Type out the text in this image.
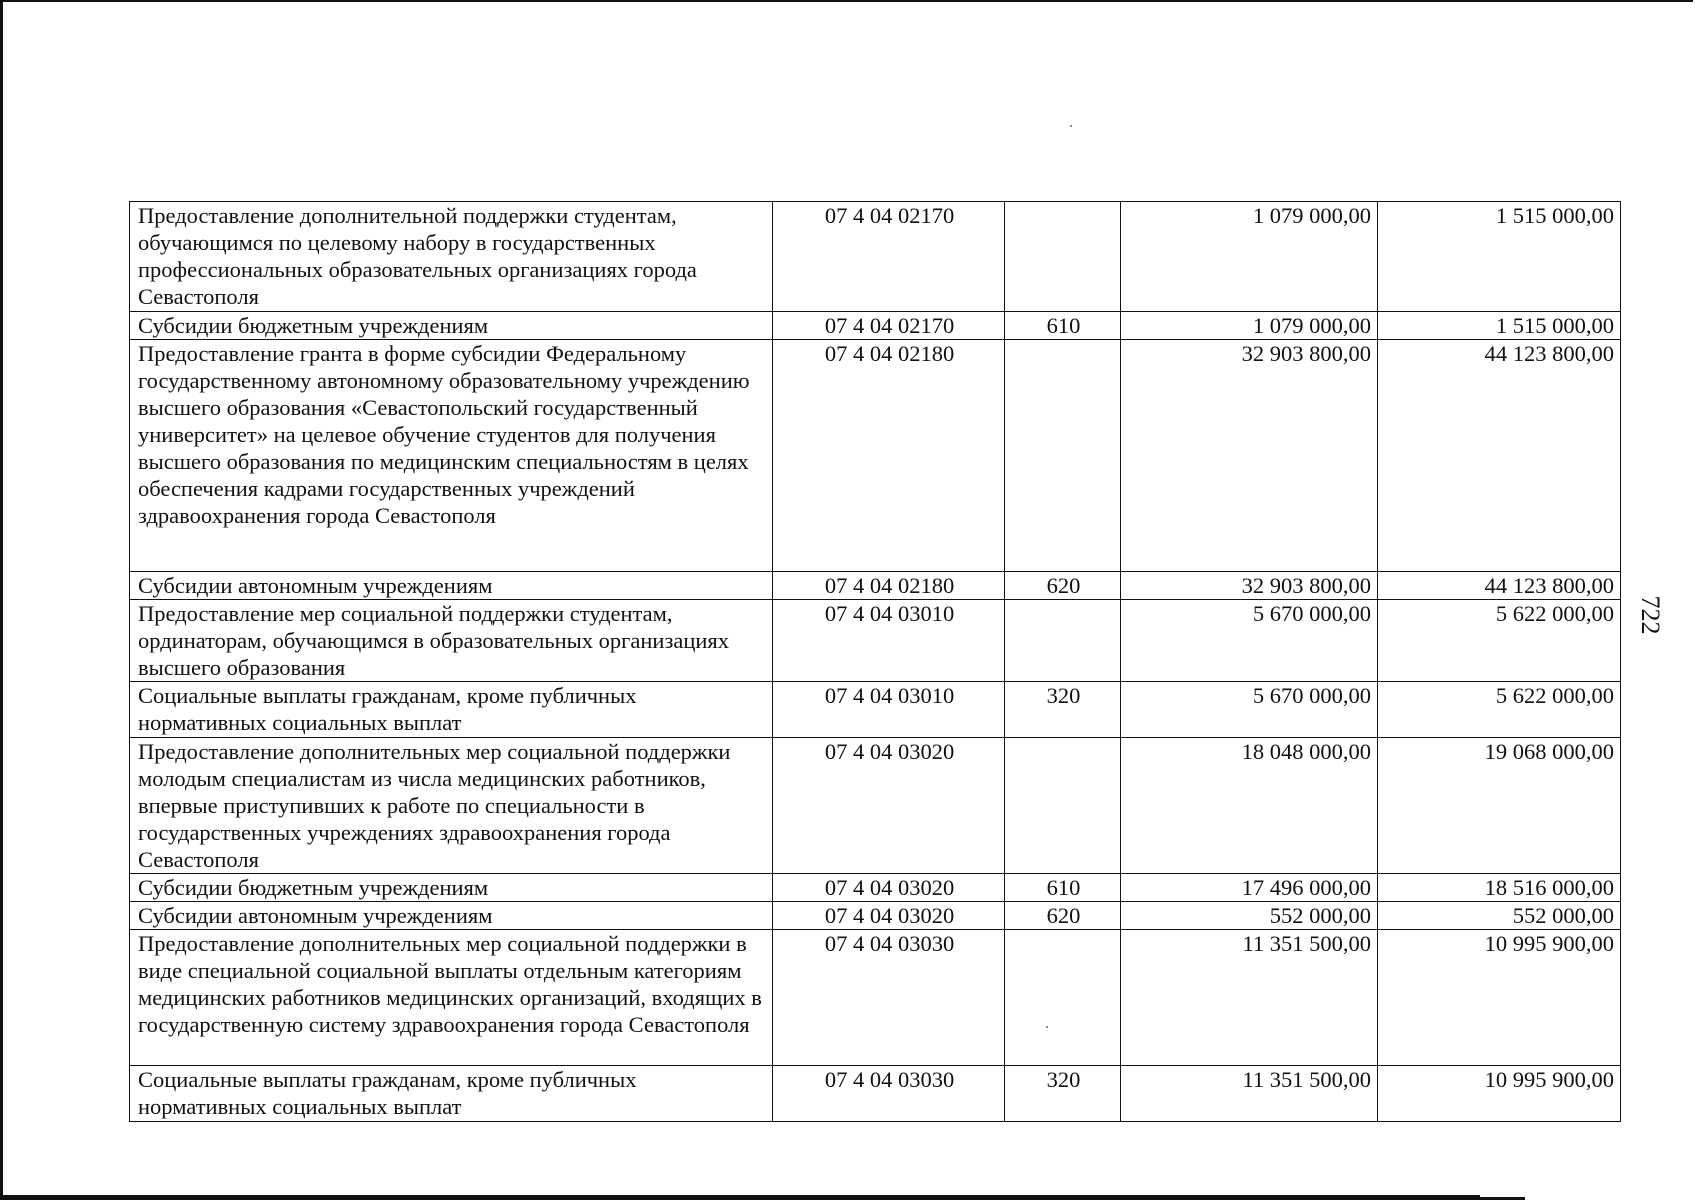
Предоставление дополнительной поддержки студентам, обучающимся по целевому набору в государственных профессиональных образовательных организациях города Севастополя	07 4 04 02170		1 079 000,00	1 515 000,00
Субсидии бюджетным учреждениям	07 4 04 02170	610	1 079 000,00	1 515 000,00
Предоставление гранта в форме субсидии Федеральному государственному автономному образовательному учреждению высшего образования «Севастопольский государственный университет» на целевое обучение студентов для получения высшего образования по медицинским специальностям в целях обеспечения кадрами государственных учреждений здравоохранения города Севастополя	07 4 04 02180		32 903 800,00	44 123 800,00
Субсидии автономным учреждениям	07 4 04 02180	620	32 903 800,00	44 123 800,00
Предоставление мер социальной поддержки студентам, ординаторам, обучающимся в образовательных организациях высшего образования	07 4 04 03010		5 670 000,00	5 622 000,00
Социальные выплаты гражданам, кроме публичных нормативных социальных выплат	07 4 04 03010	320	5 670 000,00	5 622 000,00
Предоставление дополнительных мер социальной поддержки молодым специалистам из числа медицинских работников, впервые приступивших к работе по специальности в государственных учреждениях здравоохранения города Севастополя	07 4 04 03020		18 048 000,00	19 068 000,00
Субсидии бюджетным учреждениям	07 4 04 03020	610	17 496 000,00	18 516 000,00
Субсидии автономным учреждениям	07 4 04 03020	620	552 000,00	552 000,00
Предоставление дополнительных мер социальной поддержки в виде специальной социальной выплаты отдельным категориям медицинских работников медицинских организаций, входящих в государственную систему здравоохранения города Севастополя	07 4 04 03030		11 351 500,00	10 995 900,00
Социальные выплаты гражданам, кроме публичных нормативных социальных выплат	07 4 04 03030	320	11 351 500,00	10 995 900,00
722
